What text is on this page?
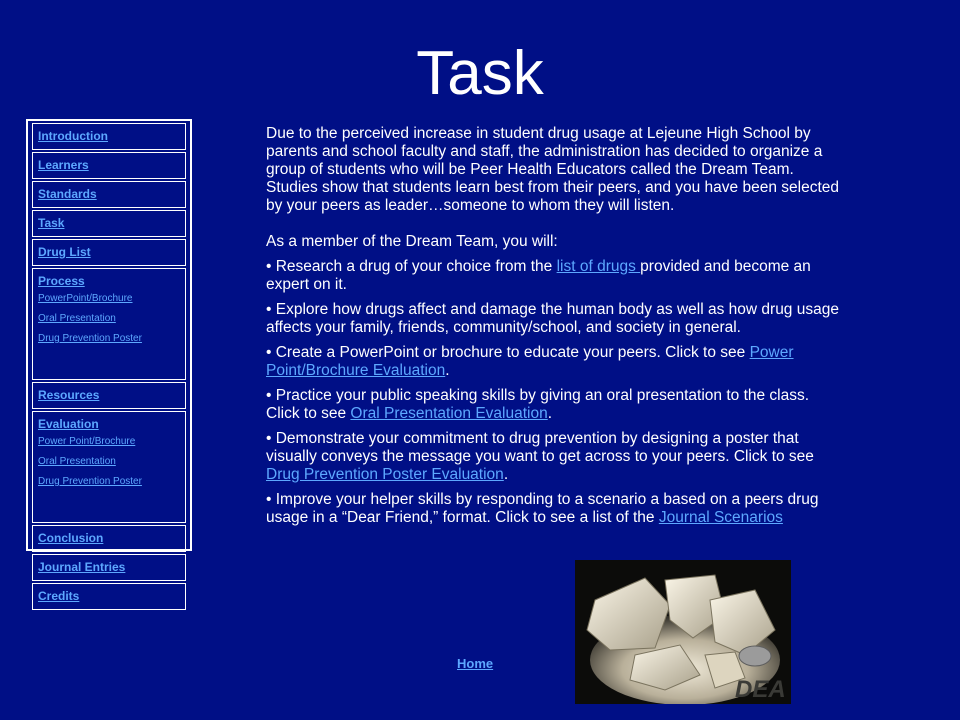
Task
Introduction
Learners
Standards
Task
Drug List
Process
PowerPoint/Brochure
Oral Presentation
Drug Prevention Poster
Resources
Evaluation
Power Point/Brochure
Oral Presentation
Drug Prevention Poster
Conclusion
Journal Entries
Credits

Due to the perceived increase in student drug usage at Lejeune High School by parents and school faculty and staff, the administration has decided to organize a group of students who will be Peer Health Educators called the Dream Team. Studies show that students learn best from their peers, and you have been selected by your peers as leader…someone to whom they will listen.

As a member of the Dream Team, you will:

• Research a drug of your choice from the list of drugs provided and become an expert on it.

• Explore how drugs affect and damage the human body as well as how drug usage affects your family, friends, community/school, and society in general.

• Create a PowerPoint or brochure to educate your peers. Click to see Power Point/Brochure Evaluation.

• Practice your public speaking skills by giving an oral presentation to the class. Click to see Oral Presentation Evaluation.

• Demonstrate your commitment to drug prevention by designing a poster that visually conveys the message you want to get across to your peers. Click to see Drug Prevention Poster Evaluation.

• Improve your helper skills by responding to a scenario a based on a peers drug usage in a “Dear Friend,” format. Click to see a list of the Journal Scenarios

Home
DEA
